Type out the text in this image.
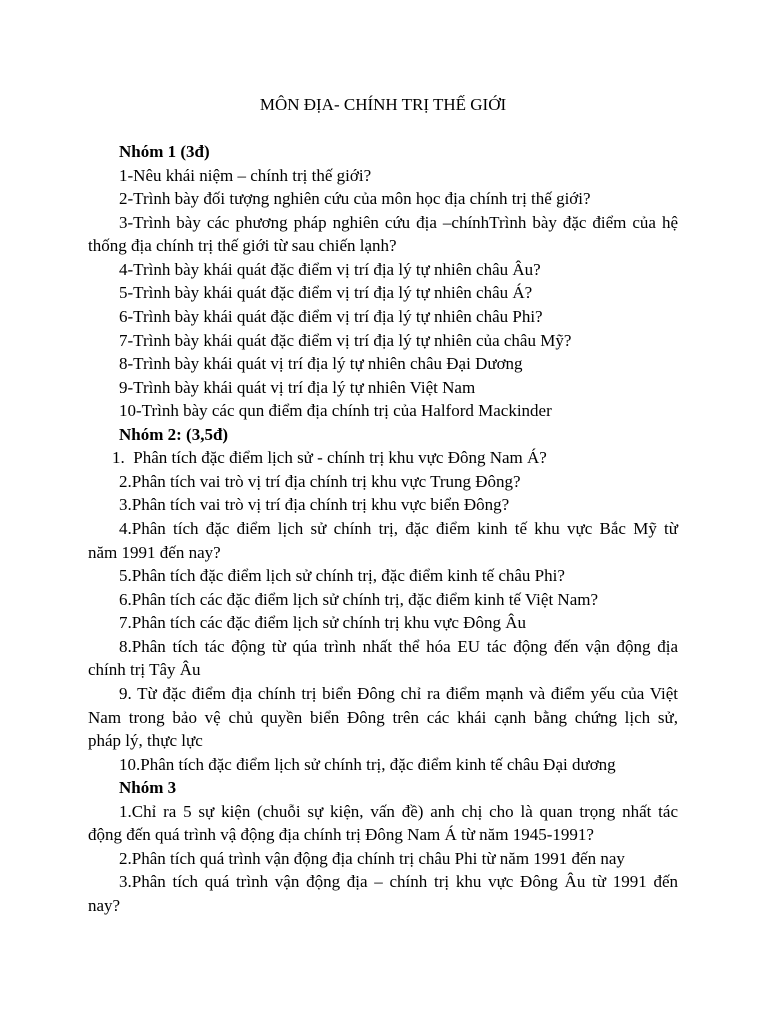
MÔN ĐỊA- CHÍNH TRỊ THẾ GIỚI
Nhóm 1 (3đ)
1-Nêu khái niệm – chính trị thế giới?
2-Trình bày đối tượng nghiên cứu của môn học địa chính trị thế giới?
3-Trình bày các phương pháp nghiên cứu địa –chínhTrình bày đặc điểm của hệ
thống địa chính trị thế giới từ sau chiến lạnh?
4-Trình bày khái quát đặc điểm vị trí địa lý tự nhiên châu Âu?
5-Trình bày khái quát đặc điểm vị trí địa lý tự nhiên châu Á?
6-Trình bày khái quát đặc điểm vị trí địa lý tự nhiên châu Phi?
7-Trình bày khái quát đặc điểm vị trí địa lý tự nhiên của châu Mỹ?
8-Trình bày khái quát vị trí địa lý tự nhiên châu Đại Dương
9-Trình bày khái quát vị trí địa lý tự nhiên Việt Nam
10-Trình bày các qun điểm địa chính trị của Halford Mackinder
Nhóm 2: (3,5đ)
1. Phân tích đặc điểm lịch sử - chính trị khu vực Đông Nam Á?
2.Phân tích vai trò vị trí địa chính trị khu vực Trung Đông?
3.Phân tích vai trò vị trí địa chính trị khu vực biển Đông?
4.Phân tích đặc điểm lịch sử chính trị, đặc điểm kinh tế khu vực Bắc Mỹ từ
năm 1991 đến nay?
5.Phân tích đặc điểm lịch sử chính trị, đặc điểm kinh tế châu Phi?
6.Phân tích các đặc điểm lịch sử chính trị, đặc điểm kinh tế Việt Nam?
7.Phân tích các đặc điểm lịch sử chính trị khu vực Đông Âu
8.Phân tích tác động từ qúa trình nhất thể hóa EU tác động đến vận động địa
chính trị Tây Âu
9. Từ đặc điểm địa chính trị biển Đông chỉ ra điểm mạnh và điểm yếu của Việt
Nam trong bảo vệ chủ quyền biển Đông trên các khái cạnh bằng chứng lịch sử,
pháp lý, thực lực
10.Phân tích đặc điểm lịch sử chính trị, đặc điểm kinh tế châu Đại dương
Nhóm 3
1.Chỉ ra 5 sự kiện (chuỗi sự kiện, vấn đề) anh chị cho là quan trọng nhất tác
động đến quá trình vậ động địa chính trị Đông Nam Á từ năm 1945-1991?
2.Phân tích quá trình vận động địa chính trị châu Phi từ năm 1991 đến nay
3.Phân tích quá trình vận động địa – chính trị khu vực Đông Âu từ 1991 đến
nay?
